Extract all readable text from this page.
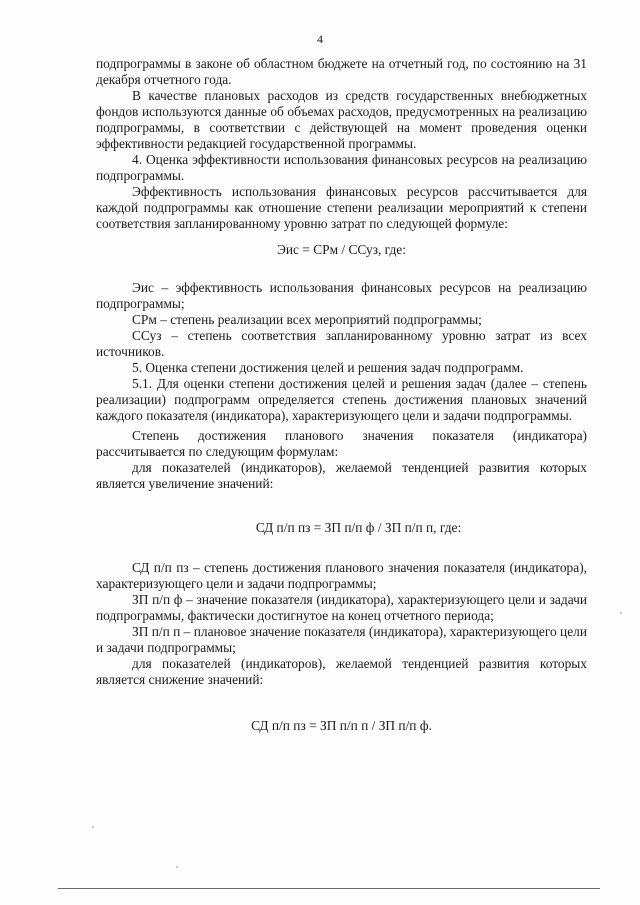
4

подпрограммы в законе об областном бюджете на отчетный год, по состоянию на 31 декабря отчетного года.

В качестве плановых расходов из средств государственных внебюджетных фондов используются данные об объемах расходов, предусмотренных на реализацию подпрограммы, в соответствии с действующей на момент проведения оценки эффективности редакцией государственной программы.

4. Оценка эффективности использования финансовых ресурсов на реализацию подпрограммы.

Эффективность использования финансовых ресурсов рассчитывается для каждой подпрограммы как отношение степени реализации мероприятий к степени соответствия запланированному уровню затрат по следующей формуле:

Эис = СРм / ССуз, где:

Эис – эффективность использования финансовых ресурсов на реализацию подпрограммы;

СРм – степень реализации всех мероприятий подпрограммы;

ССуз – степень соответствия запланированному уровню затрат из всех источников.

5. Оценка степени достижения целей и решения задач подпрограмм.

5.1. Для оценки степени достижения целей и решения задач (далее – степень реализации) подпрограмм определяется степень достижения плановых значений каждого показателя (индикатора), характеризующего цели и задачи подпрограммы.

Степень достижения планового значения показателя (индикатора) рассчитывается по следующим формулам:

для показателей (индикаторов), желаемой тенденцией развития которых является увеличение значений:

СД п/п пз = ЗП п/п ф / ЗП п/п п, где:

СД п/п пз – степень достижения планового значения показателя (индикатора), характеризующего цели и задачи подпрограммы;

ЗП п/п ф – значение показателя (индикатора), характеризующего цели и задачи подпрограммы, фактически достигнутое на конец отчетного периода;

ЗП п/п п – плановое значение показателя (индикатора), характеризующего цели и задачи подпрограммы;

для показателей (индикаторов), желаемой тенденцией развития которых является снижение значений:

СД п/п пз = ЗП п/п п / ЗП п/п ф.
